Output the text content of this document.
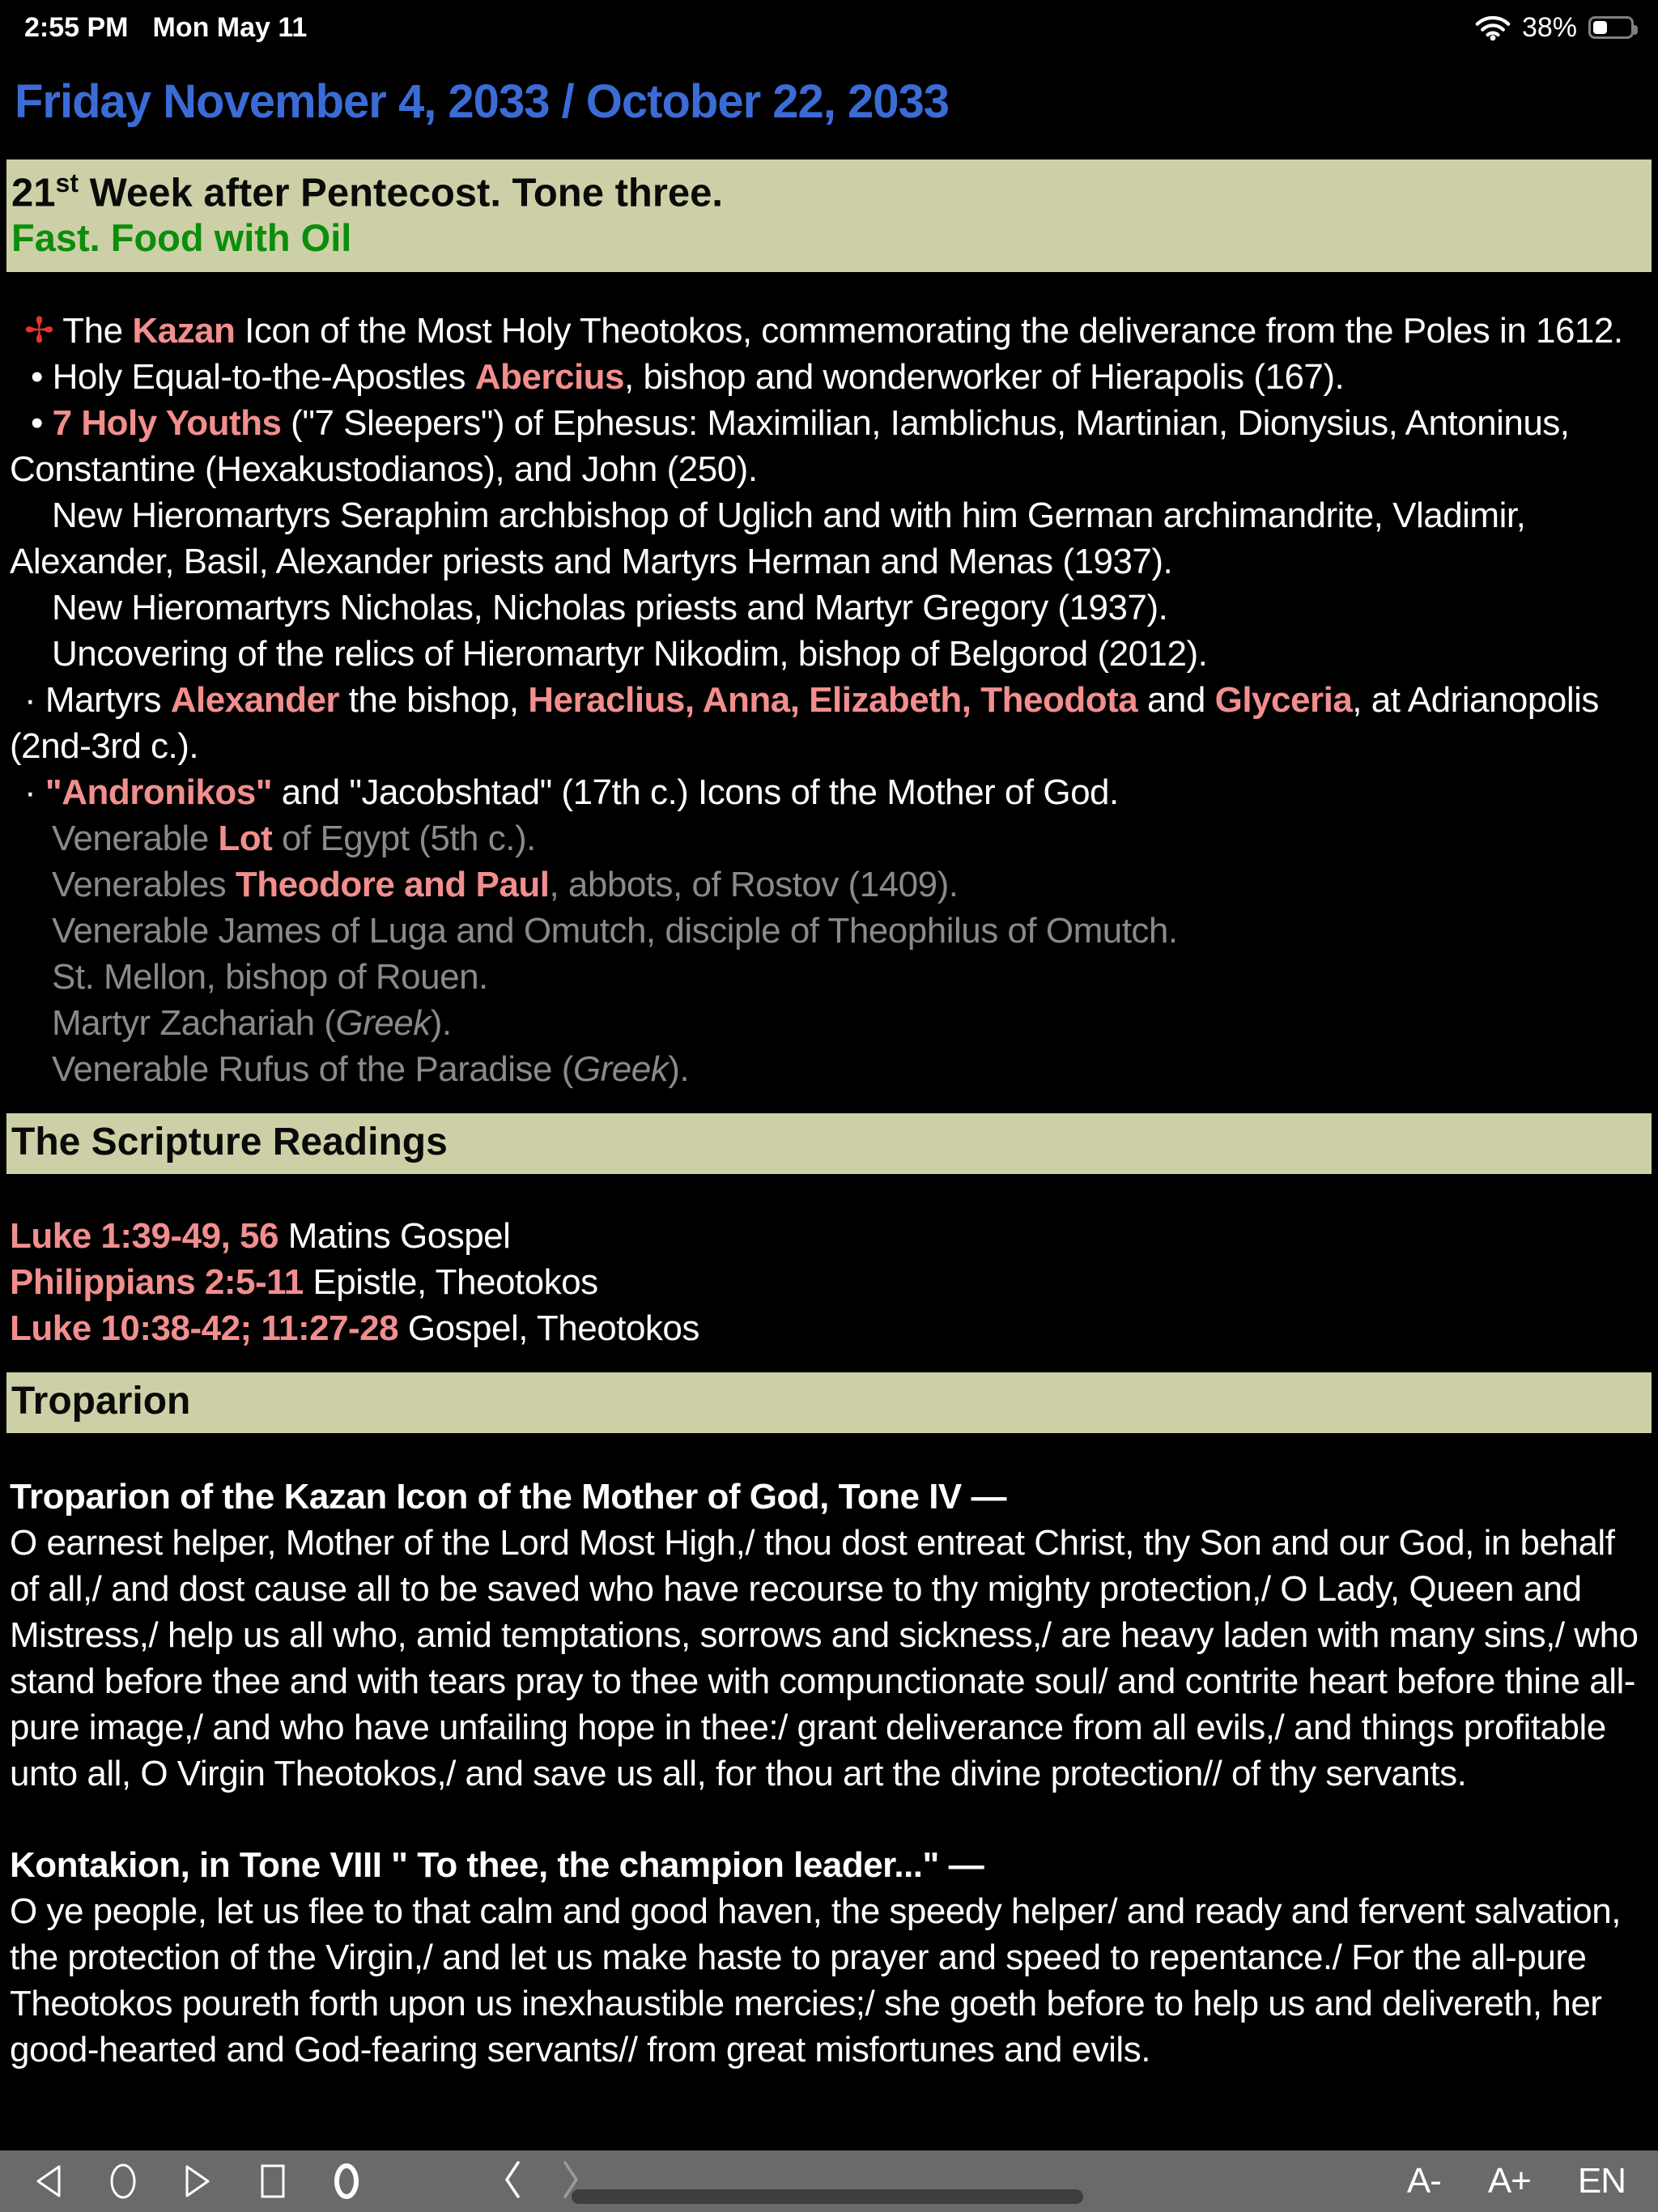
2:55 PM Mon May 11	38%
Friday November 4, 2033 / October 22, 2033
21st Week after Pentecost. Tone three.
Fast. Food with Oil

✢ The Kazan Icon of the Most Holy Theotokos, commemorating the deliverance from the Poles in 1612.

• Holy Equal-to-the-Apostles Abercius, bishop and wonderworker of Hierapolis (167).

• 7 Holy Youths ("7 Sleepers") of Ephesus: Maximilian, Iamblichus, Martinian, Dionysius, Antoninus, Constantine (Hexakustodianos), and John (250).

New Hieromartyrs Seraphim archbishop of Uglich and with him German archimandrite, Vladimir, Alexander, Basil, Alexander priests and Martyrs Herman and Menas (1937).

New Hieromartyrs Nicholas, Nicholas priests and Martyr Gregory (1937).

Uncovering of the relics of Hieromartyr Nikodim, bishop of Belgorod (2012).

· Martyrs Alexander the bishop, Heraclius, Anna, Elizabeth, Theodota and Glyceria, at Adrianopolis (2nd-3rd c.).

· "Andronikos" and "Jacobshtad" (17th c.) Icons of the Mother of God.

Venerable Lot of Egypt (5th c.).

Venerables Theodore and Paul, abbots, of Rostov (1409).

Venerable James of Luga and Omutch, disciple of Theophilus of Omutch.

St. Mellon, bishop of Rouen.

Martyr Zachariah (Greek).

Venerable Rufus of the Paradise (Greek).

The Scripture Readings

Luke 1:39-49, 56 Matins Gospel

Philippians 2:5-11 Epistle, Theotokos

Luke 10:38-42; 11:27-28 Gospel, Theotokos

Troparion

Troparion of the Kazan Icon of the Mother of God, Tone IV —

O earnest helper, Mother of the Lord Most High,/ thou dost entreat Christ, thy Son and our God, in behalf of all,/ and dost cause all to be saved who have recourse to thy mighty protection,/ O Lady, Queen and Mistress,/ help us all who, amid temptations, sorrows and sickness,/ are heavy laden with many sins,/ who stand before thee and with tears pray to thee with compunctionate soul/ and contrite heart before thine all-pure image,/ and who have unfailing hope in thee:/ grant deliverance from all evils,/ and things profitable unto all, O Virgin Theotokos,/ and save us all, for thou art the divine protection// of thy servants.

Kontakion, in Tone VIII " To thee, the champion leader..." —

O ye people, let us flee to that calm and good haven, the speedy helper/ and ready and fervent salvation, the protection of the Virgin,/ and let us make haste to prayer and speed to repentance./ For the all-pure Theotokos poureth forth upon us inexhaustible mercies;/ she goeth before to help us and delivereth, her good-hearted and God-fearing servants// from great misfortunes and evils.

A- A+ EN
